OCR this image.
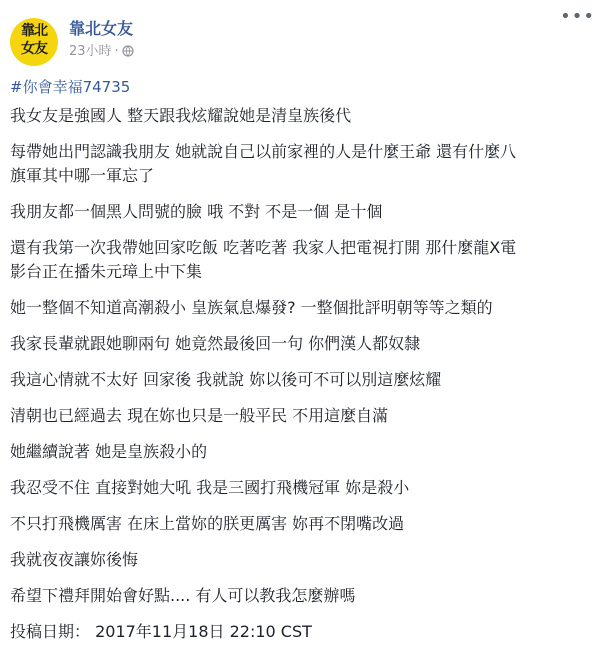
靠北
女友
靠北女友
23小時 ·
•••
#你會幸福74735
我女友是強國人 整天跟我炫耀說她是清皇族後代
每帶她出門認識我朋友 她就說自己以前家裡的人是什麼王爺 還有什麼八
旗軍其中哪一軍忘了
我朋友都一個黑人問號的臉 哦 不對 不是一個 是十個
還有我第一次我帶她回家吃飯 吃著吃著 我家人把電視打開 那什麼龍X電
影台正在播朱元璋上中下集
她一整個不知道高潮殺小 皇族氣息爆發? 一整個批評明朝等等之類的
我家長輩就跟她聊兩句 她竟然最後回一句 你們漢人都奴隸
我這心情就不太好 回家後 我就說 妳以後可不可以別這麼炫耀
清朝也已經過去 現在妳也只是一般平民 不用這麼自滿
她繼續說著 她是皇族殺小的
我忍受不住 直接對她大吼 我是三國打飛機冠軍 妳是殺小
不只打飛機厲害 在床上當妳的朕更厲害 妳再不閉嘴改過
我就夜夜讓妳後悔
希望下禮拜開始會好點.... 有人可以教我怎麼辦嗎
投稿日期： 2017年11月18日 22:10 CST
